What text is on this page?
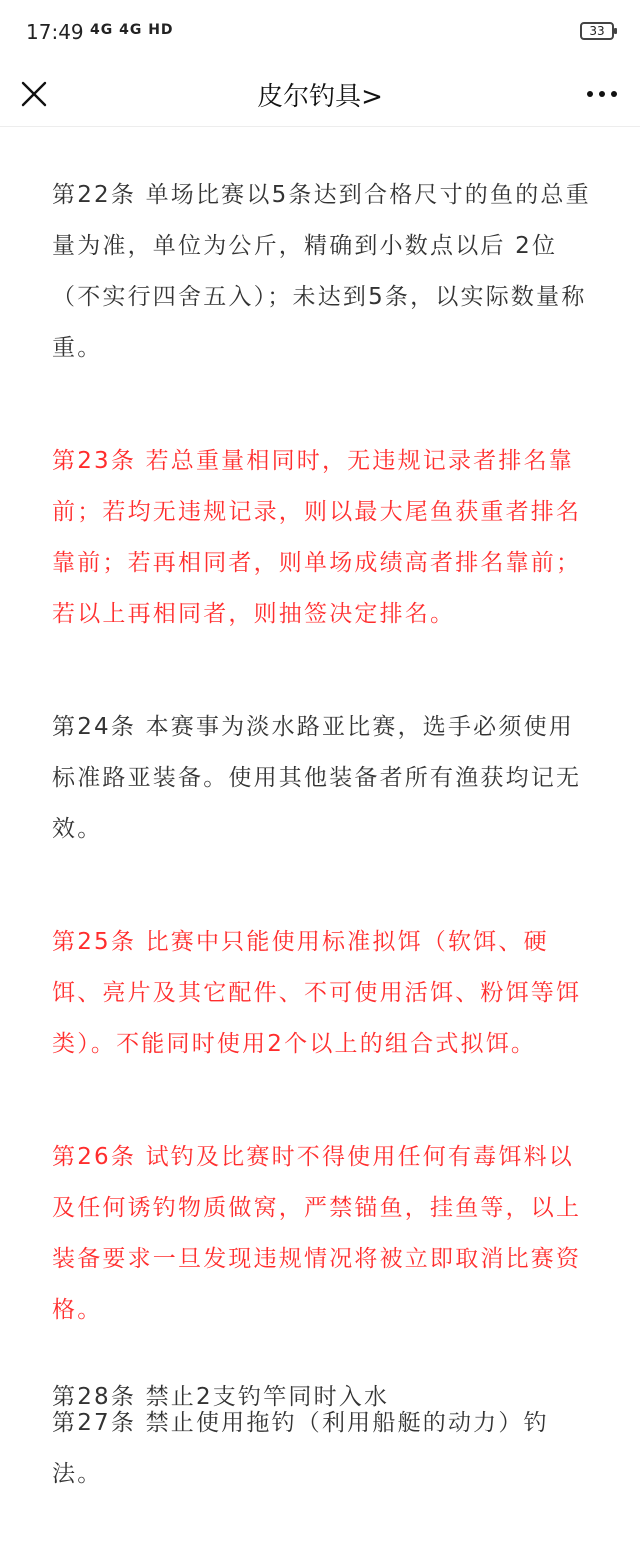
17:49 4G 4G HD	33
皮尔钓具>

第22条 单场比赛以5条达到合格尺寸的鱼的总重量为准，单位为公斤，精确到小数点以后 2位（不实行四舍五入）；未达到5条，以实际数量称重。

第23条 若总重量相同时，无违规记录者排名靠前；若均无违规记录，则以最大尾鱼获重者排名靠前；若再相同者，则单场成绩高者排名靠前；若以上再相同者，则抽签决定排名。

第24条 本赛事为淡水路亚比赛，选手必须使用标准路亚装备。使用其他装备者所有渔获均记无效。

第25条 比赛中只能使用标准拟饵（软饵、硬饵、亮片及其它配件、不可使用活饵、粉饵等饵类）。不能同时使用2个以上的组合式拟饵。

第26条 试钓及比赛时不得使用任何有毒饵料以及任何诱钓物质做窝，严禁锚鱼，挂鱼等，以上装备要求一旦发现违规情况将被立即取消比赛资格。

第27条 禁止使用拖钓（利用船艇的动力）钓法。

第28条 禁止2支钓竿同时入水
